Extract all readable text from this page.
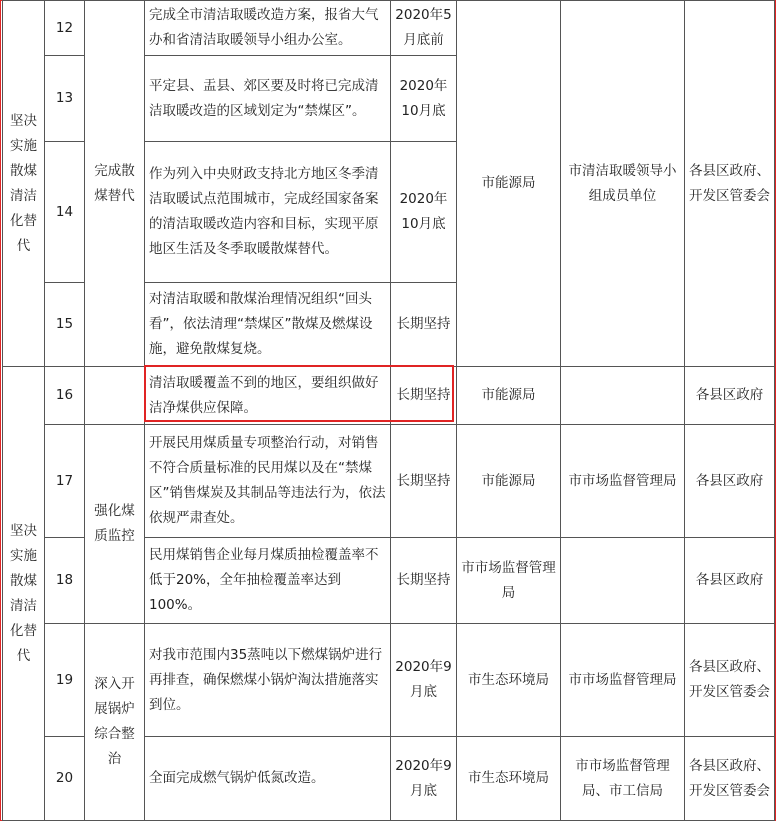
坚决实施散煤清洁化替代	12	完成散煤替代	完成全市清洁取暖改造方案，报省大气办和省清洁取暖领导小组办公室。	2020年5月底前	市能源局	市清洁取暖领导小组成员单位	各县区政府、开发区管委会
	13		平定县、盂县、郊区要及时将已完成清洁取暖改造的区域划定为“禁煤区”。	2020年10月底			
	14		作为列入中央财政支持北方地区冬季清洁取暖试点范围城市，完成经国家备案的清洁取暖改造内容和目标，实现平原地区生活及冬季取暖散煤替代。	2020年10月底			
	15		对清洁取暖和散煤治理情况组织“回头看”，依法清理“禁煤区”散煤及燃煤设施，避免散煤复烧。	长期坚持			
坚决实施散煤清洁化替代	16		清洁取暖覆盖不到的地区，要组织做好洁净煤供应保障。	长期坚持	市能源局		各县区政府
	17	强化煤质监控	开展民用煤质量专项整治行动，对销售不符合质量标准的民用煤以及在“禁煤区”销售煤炭及其制品等违法行为，依法依规严肃查处。	长期坚持	市能源局	市市场监督管理局	各县区政府
	18		民用煤销售企业每月煤质抽检覆盖率不低于20%，全年抽检覆盖率达到100%。	长期坚持	市市场监督管理局		各县区政府
	19	深入开展锅炉综合整治	对我市范围内35蒸吨以下燃煤锅炉进行再排查，确保燃煤小锅炉淘汰措施落实到位。	2020年9月底	市生态环境局	市市场监督管理局	各县区政府、开发区管委会
	20		全面完成燃气锅炉低氮改造。	2020年9月底	市生态环境局	市市场监督管理局、市工信局	各县区政府、开发区管委会
